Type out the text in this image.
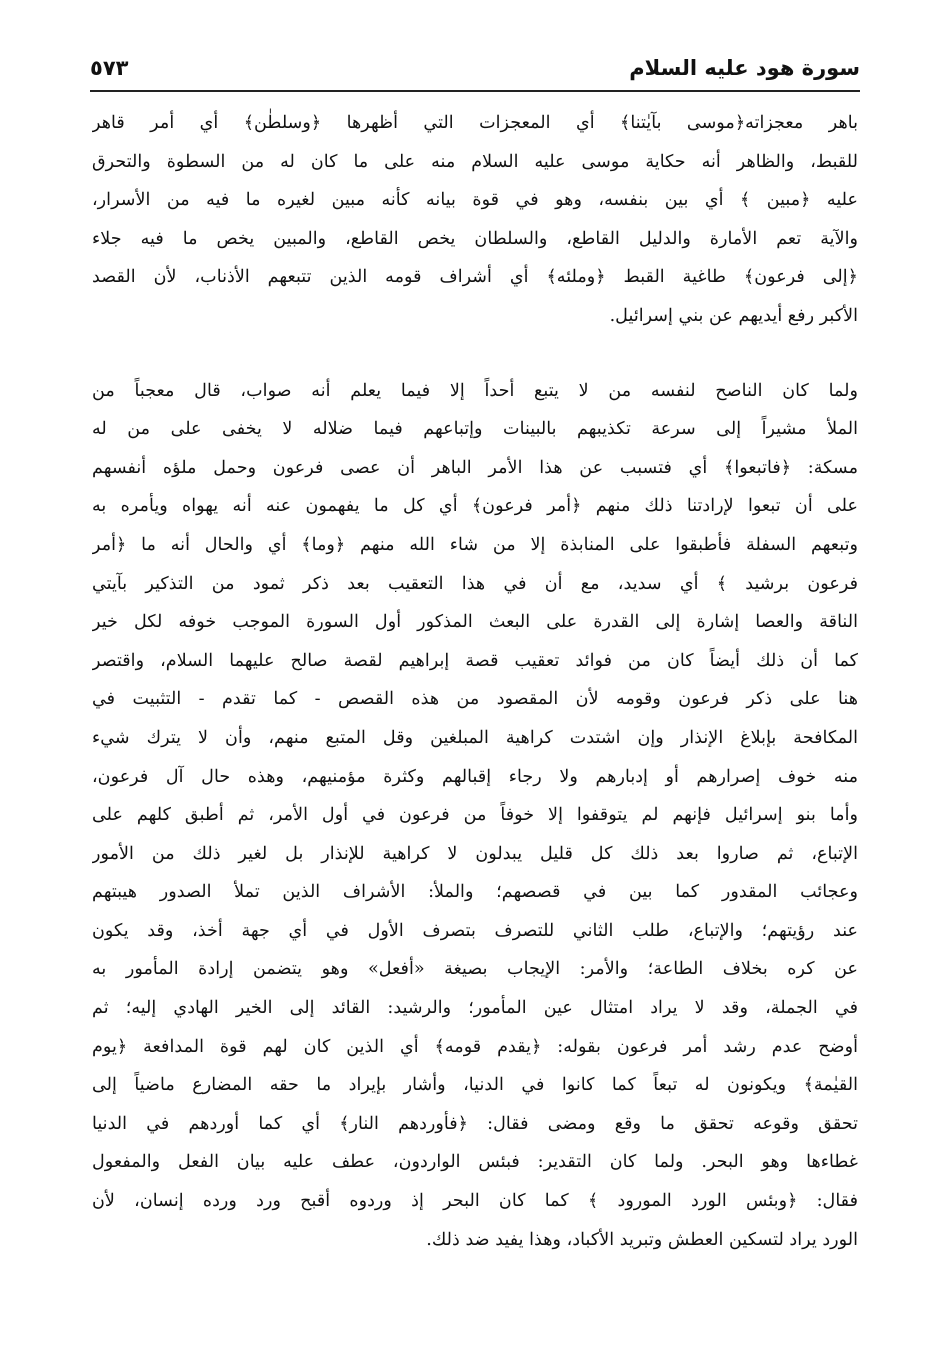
سورة هود عليه السلام
٥٧٣
باهر معجزاته﴿موسى بآيٰتنا﴾ أي المعجزات التي أظهرها ﴿وسلطٰن﴾ أي أمر قاهر
للقبط، والظاهر أنه حكاية موسى عليه السلام منه على ما كان له من السطوة والتحرق
عليه ﴿مبين ﴾ أي بين بنفسه، وهو في قوة بيانه كأنه مبين لغيره ما فيه من الأسرار،
والآية تعم الأمارة والدليل القاطع، والسلطان يخص القاطع، والمبين يخص ما فيه جلاء
﴿إلى فرعون﴾ طاغية القبط ﴿وملئه﴾ أي أشراف قومه الذين تتبعهم الأذناب، لأن القصد
الأكبر رفع أيديهم عن بني إسرائيل.
ولما كان الناصح لنفسه من لا يتبع أحداً إلا فيما يعلم أنه صواب، قال معجباً من
الملأ مشيراً إلى سرعة تكذيبهم بالبينات وإتباعهم فيما ضلاله لا يخفى على من له
مسكة: ﴿فاتبعوا﴾ أي فتسبب عن هذا الأمر الباهر أن عصى فرعون وحمل ملؤه أنفسهم
على أن تبعوا لإرادتنا ذلك منهم ﴿أمر فرعون﴾ أي كل ما يفهمون عنه أنه يهواه ويأمره به
وتبعهم السفلة فأطبقوا على المنابذة إلا من شاء الله منهم ﴿وما﴾ أي والحال أنه ما ﴿أمر
فرعون برشيد ﴾ أي سديد، مع أن في هذا التعقيب بعد ذكر ثمود من التذكير بآيتي
الناقة والعصا إشارة إلى القدرة على البعث المذكور أول السورة الموجب خوفه لكل خير
كما أن ذلك أيضاً كان من فوائد تعقيب قصة إبراهيم لقصة صالح عليهما السلام، واقتصر
هنا على ذكر فرعون وقومه لأن المقصود من هذه القصص - كما تقدم - التثبيت في
المكافحة بإبلاغ الإنذار وإن اشتدت كراهية المبلغين وقل المتبع منهم، وأن لا يترك شيء
منه خوف إصرارهم أو إدبارهم ولا رجاء إقبالهم وكثرة مؤمنيهم، وهذه حال آل فرعون،
وأما بنو إسرائيل فإنهم لم يتوقفوا إلا خوفاً من فرعون في أول الأمر، ثم أطبق كلهم على
الإتباع، ثم صاروا بعد ذلك كل قليل يبدلون لا كراهية للإنذار بل لغير ذلك من الأمور
وعجائب المقدور كما بين في قصصهم؛ والملأ: الأشراف الذين تملأ الصدور هيبتهم
عند رؤيتهم؛ والإتباع، طلب الثاني للتصرف بتصرف الأول في أي جهة أخذ، وقد يكون
عن كره بخلاف الطاعة؛ والأمر: الإيجاب بصيغة «أفعل» وهو يتضمن إرادة المأمور به
في الجملة، وقد لا يراد امتثال عين المأمور؛ والرشيد: القائد إلى الخير الهادي إليه؛ ثم
أوضح عدم رشد أمر فرعون بقوله: ﴿يقدم قومه﴾ أي الذين كان لهم قوة المدافعة ﴿يوم
القيٰمة﴾ ويكونون له تبعاً كما كانوا في الدنيا، وأشار بإيراد ما حقه المضارع ماضياً إلى
تحقق وقوعه تحقق ما وقع ومضى فقال: ﴿فأوردهم النار﴾ أي كما أوردهم في الدنيا
غطاءها وهو البحر. ولما كان التقدير: فبئس الواردون، عطف عليه بيان الفعل والمفعول
فقال: ﴿وبئس الورد المورود ﴾ كما كان البحر إذ وردوه أقبح ورد ورده إنسان، لأن
الورد يراد لتسكين العطش وتبريد الأكباد، وهذا يفيد ضد ذلك.
